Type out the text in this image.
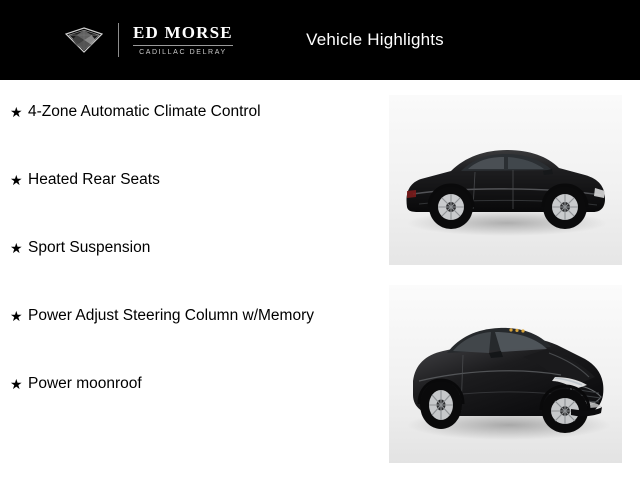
ED MORSE
CADILLAC DELRAY
Vehicle Highlights
★ 4-Zone Automatic Climate Control
★ Heated Rear Seats
★ Sport Suspension
★ Power Adjust Steering Column w/Memory
★ Power moonroof
